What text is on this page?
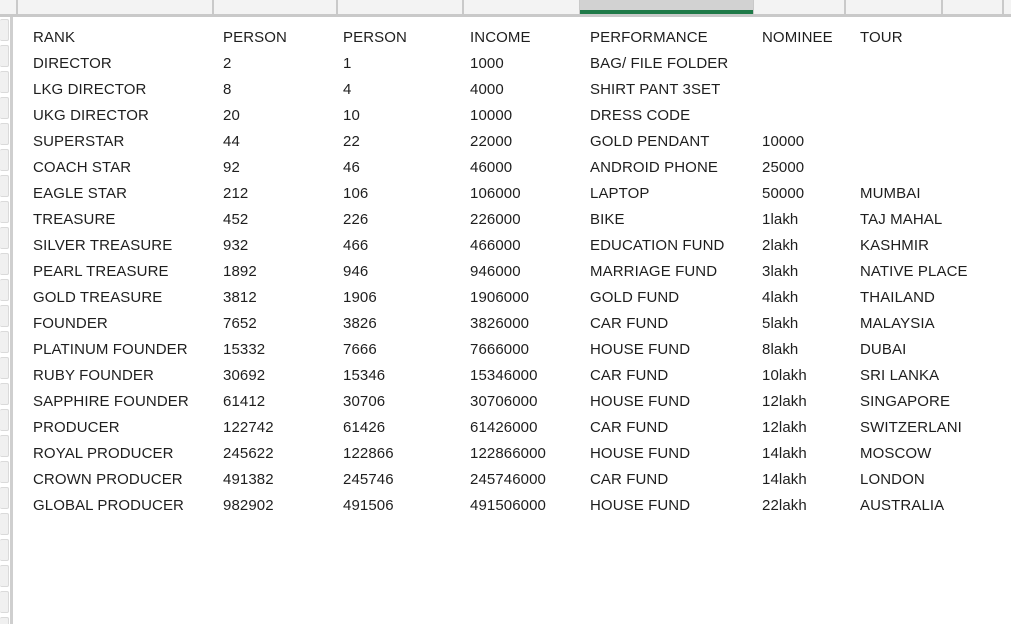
RANK	PERSON	PERSON	INCOME	PERFORMANCE	NOMINEE TOUR
DIRECTOR	2	1	1000	BAG/ FILE FOLDER
LKG DIRECTOR	8	4	4000	SHIRT PANT 3SET
UKG DIRECTOR	20	10	10000	DRESS CODE
SUPERSTAR	44	22	22000	GOLD PENDANT	10000
COACH STAR	92	46	46000	ANDROID PHONE	25000
EAGLE STAR	212	106	106000	LAPTOP	50000	MUMBAI
TREASURE	452	226	226000	BIKE	1lakh	TAJ MAHAL
SILVER TREASURE	932	466	466000	EDUCATION FUND	2lakh	KASHMIR
PEARL TREASURE	1892	946	946000	MARRIAGE FUND	3lakh	NATIVE PLACE
GOLD TREASURE	3812	1906	1906000	GOLD FUND	4lakh	THAILAND
FOUNDER	7652	3826	3826000	CAR FUND	5lakh	MALAYSIA
PLATINUM FOUNDER 15332	7666	7666000	HOUSE FUND	8lakh	DUBAI
RUBY FOUNDER	30692	15346	15346000	CAR FUND	10lakh	SRI LANKA
SAPPHIRE FOUNDER 61412	30706	30706000	HOUSE FUND	12lakh	SINGAPORE
PRODUCER	122742	61426	61426000	CAR FUND	12lakh	SWITZERLANI
ROYAL PRODUCER	245622	122866	122866000	HOUSE FUND	14lakh	MOSCOW
CROWN PRODUCER	491382	245746	245746000	CAR FUND	14lakh	LONDON
GLOBAL PRODUCER	982902	491506	491506000	HOUSE FUND	22lakh	AUSTRALIA
